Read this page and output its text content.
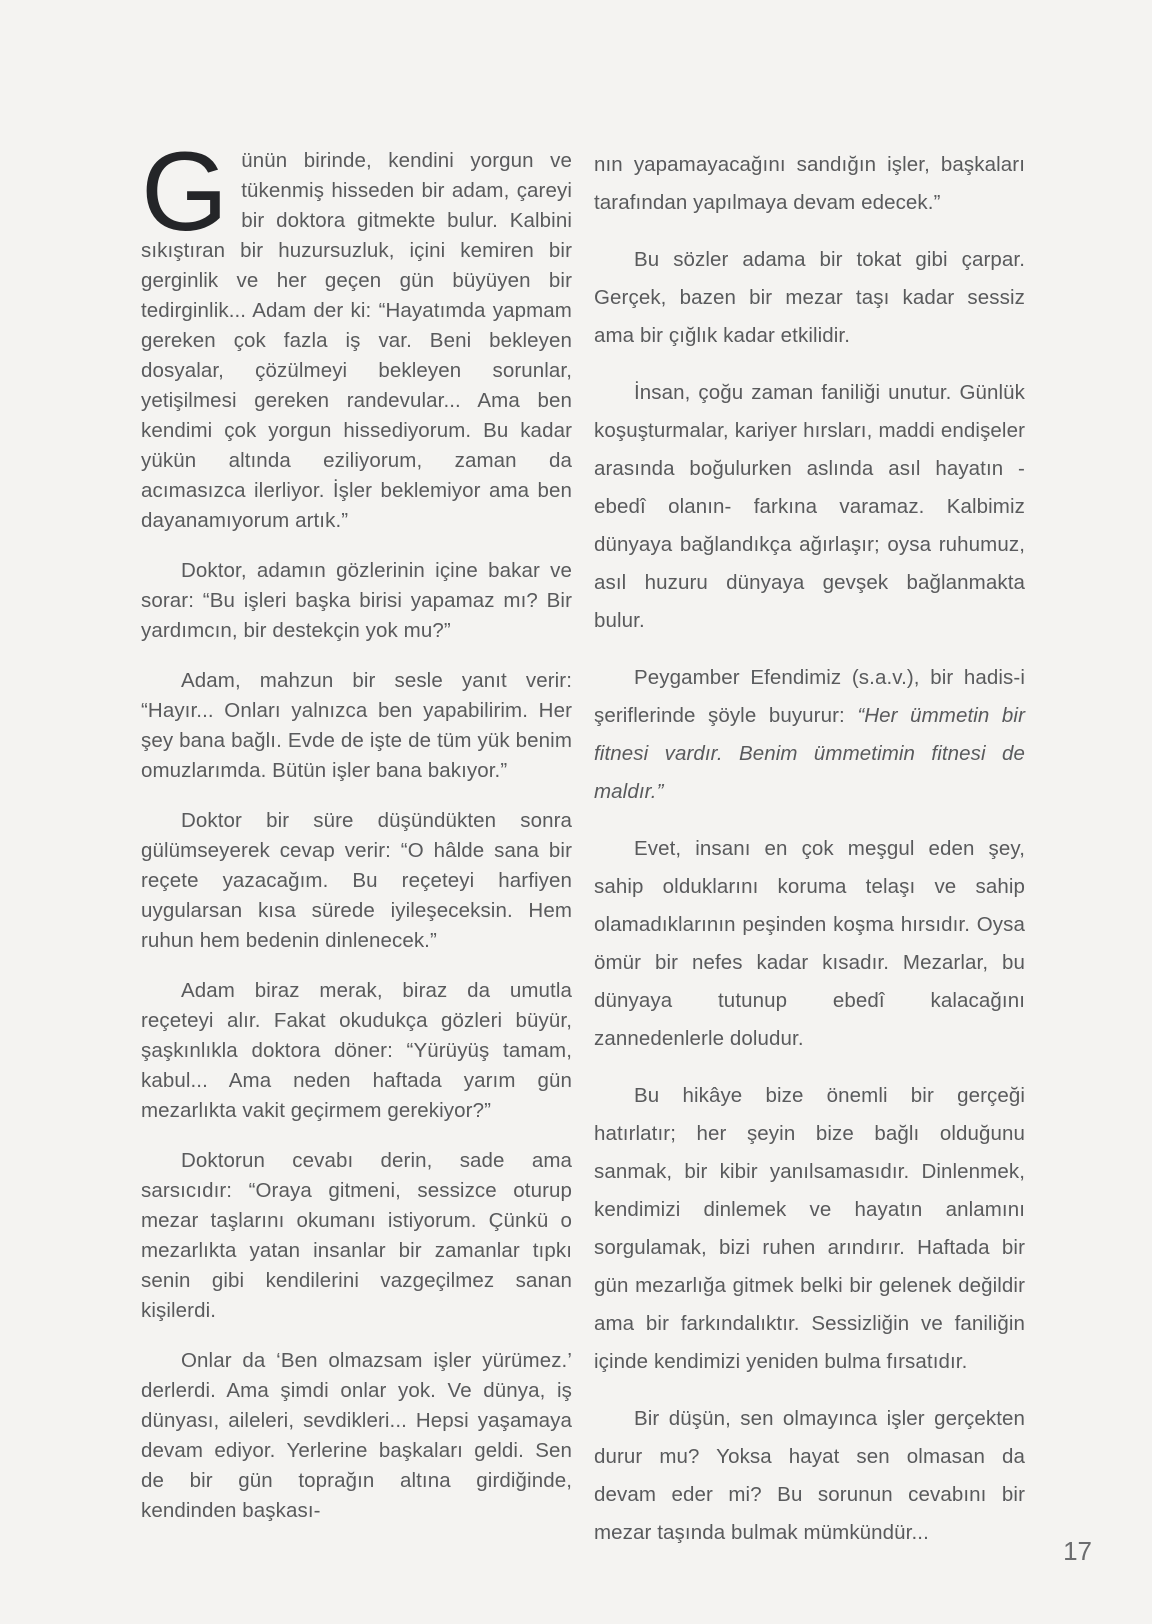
Günün birinde, kendini yorgun ve tükenmiş hisseden bir adam, çareyi bir doktora gitmekte bulur. Kalbini sıkıştıran bir huzursuzluk, içini kemiren bir gerginlik ve her geçen gün büyüyen bir tedirginlik... Adam der ki: “Hayatımda yapmam gereken çok fazla iş var. Beni bekleyen dosyalar, çözülmeyi bekleyen sorunlar, yetişilmesi gereken randevular... Ama ben kendimi çok yorgun hissediyorum. Bu kadar yükün altında eziliyorum, zaman da acımasızca ilerliyor. İşler beklemiyor ama ben dayanamıyorum artık.”

Doktor, adamın gözlerinin içine bakar ve sorar: “Bu işleri başka birisi yapamaz mı? Bir yardımcın, bir destekçin yok mu?”

Adam, mahzun bir sesle yanıt verir: “Hayır... Onları yalnızca ben yapabilirim. Her şey bana bağlı. Evde de işte de tüm yük benim omuzlarımda. Bütün işler bana bakıyor.”

Doktor bir süre düşündükten sonra gülümseyerek cevap verir: “O hâlde sana bir reçete yazacağım. Bu reçeteyi harfiyen uygularsan kısa sürede iyileşeceksin. Hem ruhun hem bedenin dinlenecek.”

Adam biraz merak, biraz da umutla reçeteyi alır. Fakat okudukça gözleri büyür, şaşkınlıkla doktora döner: “Yürüyüş tamam, kabul... Ama neden haftada yarım gün mezarlıkta vakit geçirmem gerekiyor?”

Doktorun cevabı derin, sade ama sarsıcıdır: “Oraya gitmeni, sessizce oturup mezar taşlarını okumanı istiyorum. Çünkü o mezarlıkta yatan insanlar bir zamanlar tıpkı senin gibi kendilerini vazgeçilmez sanan kişilerdi.

Onlar da ‘Ben olmazsam işler yürümez.’ derlerdi. Ama şimdi onlar yok. Ve dünya, iş dünyası, aileleri, sevdikleri... Hepsi yaşamaya devam ediyor. Yerlerine başkaları geldi. Sen de bir gün toprağın altına girdiğinde, kendinden başkası-

nın yapamayacağını sandığın işler, başkaları tarafından yapılmaya devam edecek.”

Bu sözler adama bir tokat gibi çarpar. Gerçek, bazen bir mezar taşı kadar sessiz ama bir çığlık kadar etkilidir.

İnsan, çoğu zaman faniliği unutur. Günlük koşuşturmalar, kariyer hırsları, maddi endişeler arasında boğulurken aslında asıl hayatın -ebedî olanın- farkına varamaz. Kalbimiz dünyaya bağlandıkça ağırlaşır; oysa ruhumuz, asıl huzuru dünyaya gevşek bağlanmakta bulur.

Peygamber Efendimiz (s.a.v.), bir hadis-i şeriflerinde şöyle buyurur: “Her ümmetin bir fitnesi vardır. Benim ümmetimin fitnesi de maldır.”

Evet, insanı en çok meşgul eden şey, sahip olduklarını koruma telaşı ve sahip olamadıklarının peşinden koşma hırsıdır. Oysa ömür bir nefes kadar kısadır. Mezarlar, bu dünyaya tutunup ebedî kalacağını zannedenlerle doludur.

Bu hikâye bize önemli bir gerçeği hatırlatır; her şeyin bize bağlı olduğunu sanmak, bir kibir yanılsamasıdır. Dinlenmek, kendimizi dinlemek ve hayatın anlamını sorgulamak, bizi ruhen arındırır. Haftada bir gün mezarlığa gitmek belki bir gelenek değildir ama bir farkındalıktır. Sessizliğin ve faniliğin içinde kendimizi yeniden bulma fırsatıdır.

Bir düşün, sen olmayınca işler gerçekten durur mu? Yoksa hayat sen olmasan da devam eder mi? Bu sorunun cevabını bir mezar taşında bulmak mümkündür...

17
